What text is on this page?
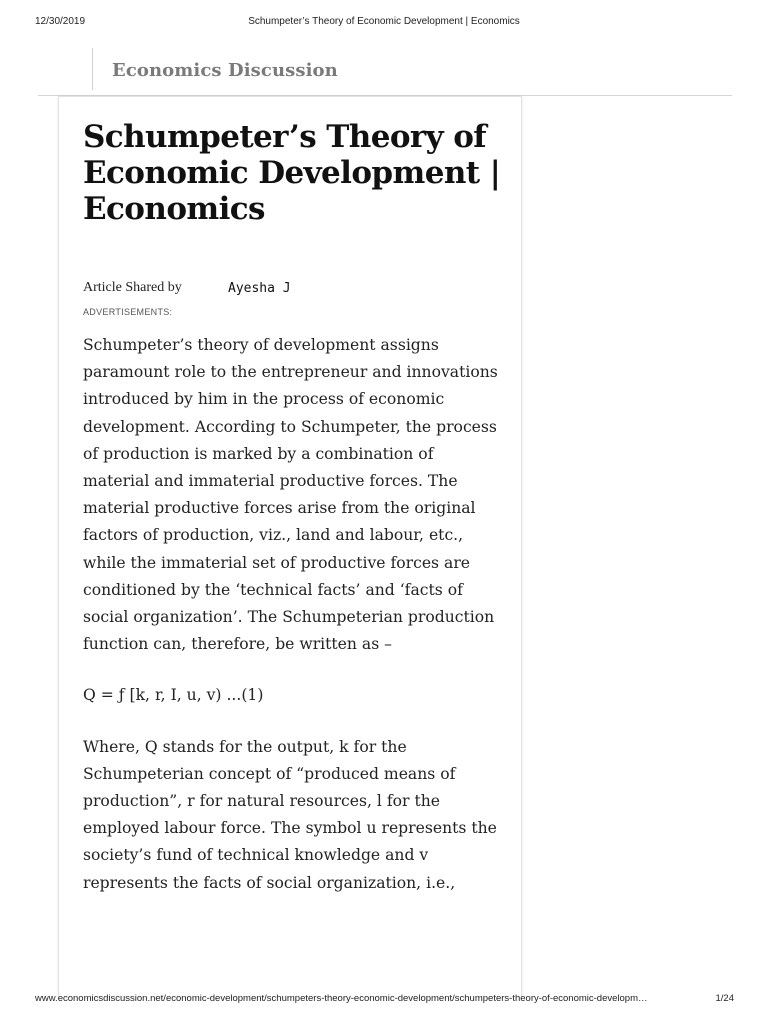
12/30/2019	Schumpeter’s Theory of Economic Development | Economics
Economics Discussion
Schumpeter’s Theory of Economic Development | Economics
Article Shared by	Ayesha J
ADVERTISEMENTS:

Schumpeter’s theory of development assigns paramount role to the entrepreneur and innovations introduced by him in the process of economic development. According to Schumpeter, the process of production is marked by a combination of material and immaterial productive forces. The material productive forces arise from the original factors of production, viz., land and labour, etc., while the immaterial set of productive forces are conditioned by the ‘technical facts’ and ‘facts of social organization’. The Schumpeterian production function can, therefore, be written as –

Q = ƒ [k, r, I, u, v) ...(1)

Where, Q stands for the output, k for the Schumpeterian concept of “produced means of production”, r for natural resources, l for the employed labour force. The symbol u represents the society’s fund of technical knowledge and v represents the facts of social organization, i.e.,

www.economicsdiscussion.net/economic-development/schumpeters-theory-economic-development/schumpeters-theory-of-economic-developm…	1/24
